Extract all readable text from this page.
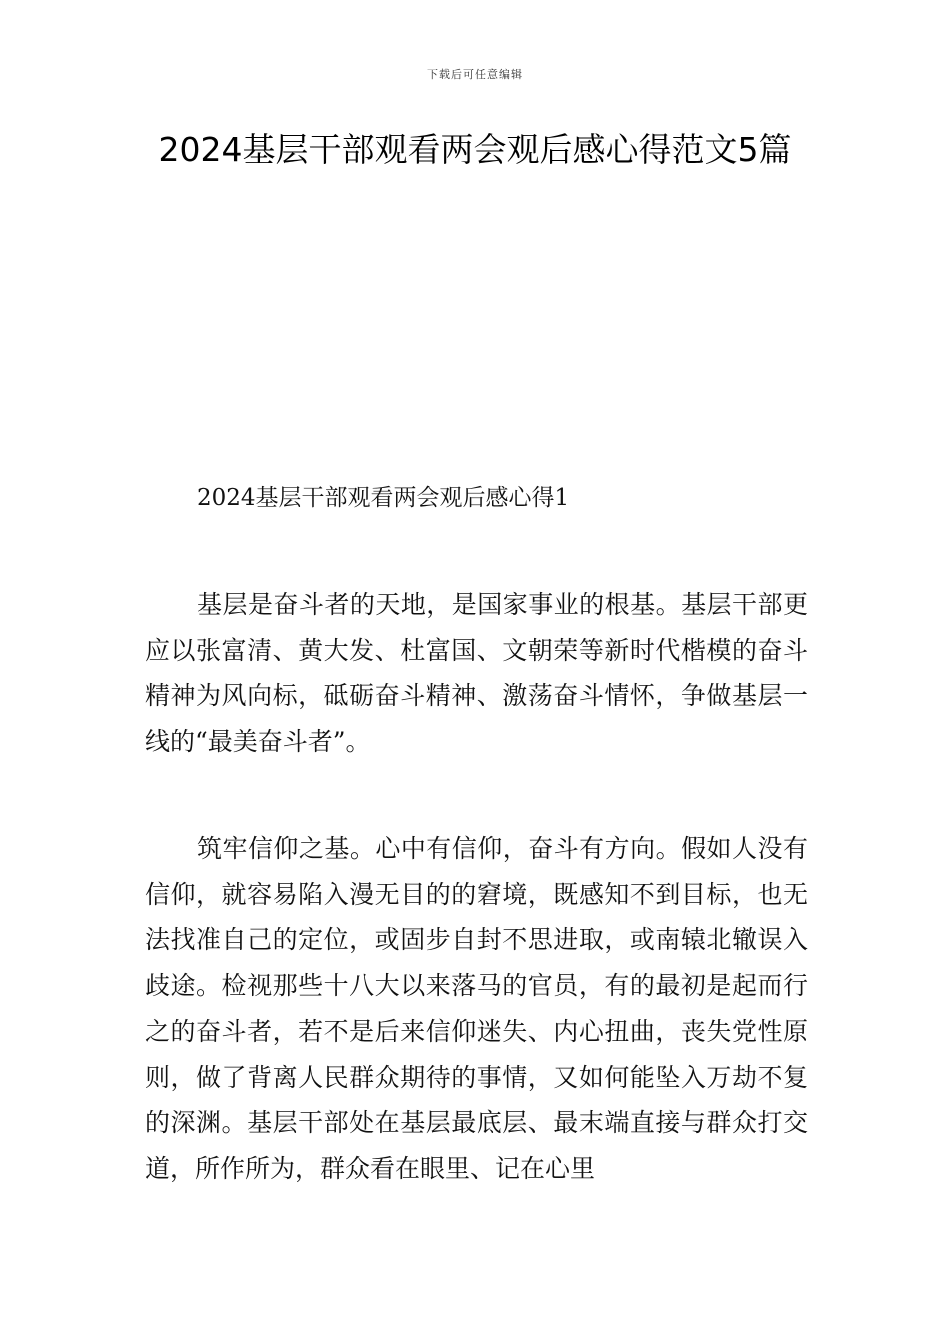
下载后可任意编辑
2024基层干部观看两会观后感心得范文5篇
2024基层干部观看两会观后感心得1

基层是奋斗者的天地，是国家事业的根基。基层干部更应以张富清、黄大发、杜富国、文朝荣等新时代楷模的奋斗精神为风向标，砥砺奋斗精神、激荡奋斗情怀，争做基层一线的“最美奋斗者”。

筑牢信仰之基。心中有信仰，奋斗有方向。假如人没有信仰，就容易陷入漫无目的的窘境，既感知不到目标，也无法找准自己的定位，或固步自封不思进取，或南辕北辙误入歧途。检视那些十八大以来落马的官员，有的最初是起而行之的奋斗者，若不是后来信仰迷失、内心扭曲，丧失党性原则，做了背离人民群众期待的事情，又如何能坠入万劫不复的深渊。基层干部处在基层最底层、最末端直接与群众打交道，所作所为，群众看在眼里、记在心里
